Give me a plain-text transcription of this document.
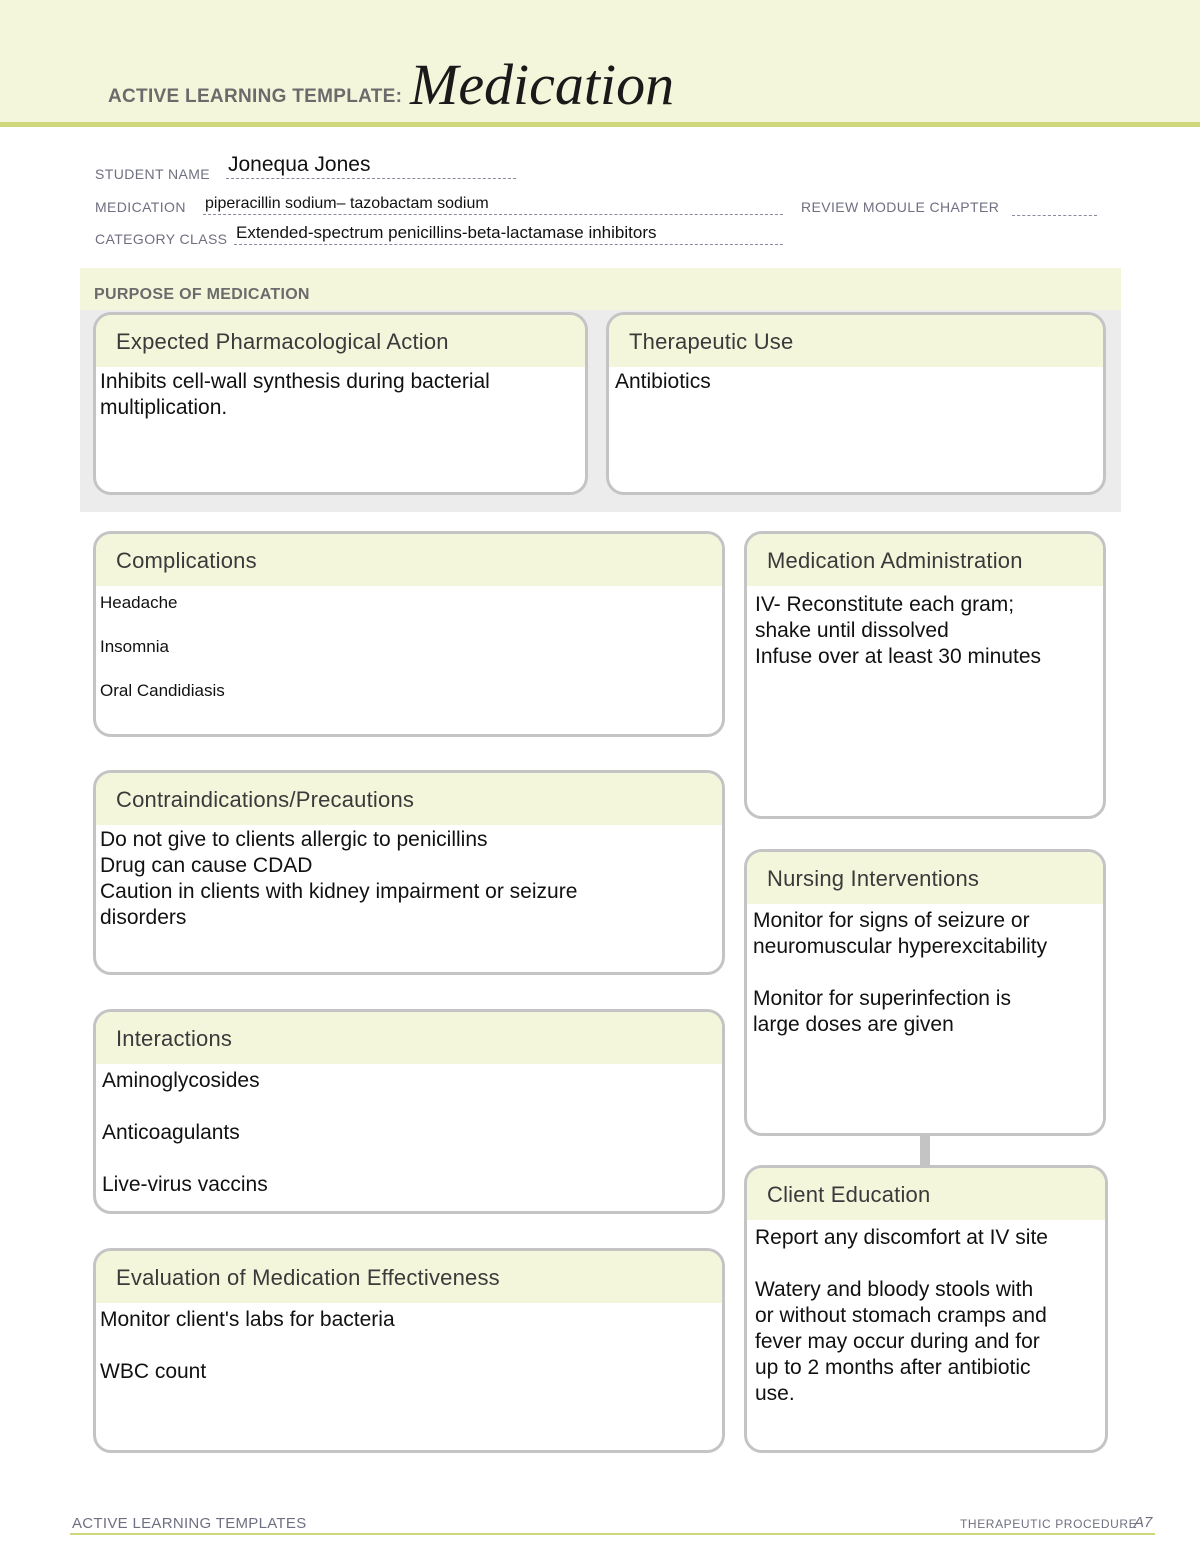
ACTIVE LEARNING TEMPLATE: Medication
STUDENT NAME Jonequa Jones
MEDICATION piperacillin sodium– tazobactam sodium	REVIEW MODULE CHAPTER
CATEGORY CLASS Extended-spectrum penicillins-beta-lactamase inhibitors
PURPOSE OF MEDICATION
Expected Pharmacological Action
Inhibits cell-wall synthesis during bacterial
multiplication.
Therapeutic Use
Antibiotics
Complications
Headache
Insomnia
Oral Candidiasis
Contraindications/Precautions
Do not give to clients allergic to penicillins
Drug can cause CDAD
Caution in clients with kidney impairment or seizure
disorders
Interactions
Aminoglycosides
Anticoagulants
Live-virus vaccins
Evaluation of Medication Effectiveness
Monitor client's labs for bacteria
WBC count
Medication Administration
IV- Reconstitute each gram;
shake until dissolved
Infuse over at least 30 minutes
Nursing Interventions
Monitor for signs of seizure or
neuromuscular hyperexcitability
Monitor for superinfection is
large doses are given
Client Education
Report any discomfort at IV site
Watery and bloody stools with
or without stomach cramps and
fever may occur during and for
up to 2 months after antibiotic
use.
ACTIVE LEARNING TEMPLATES	THERAPEUTIC PROCEDURE
A7
